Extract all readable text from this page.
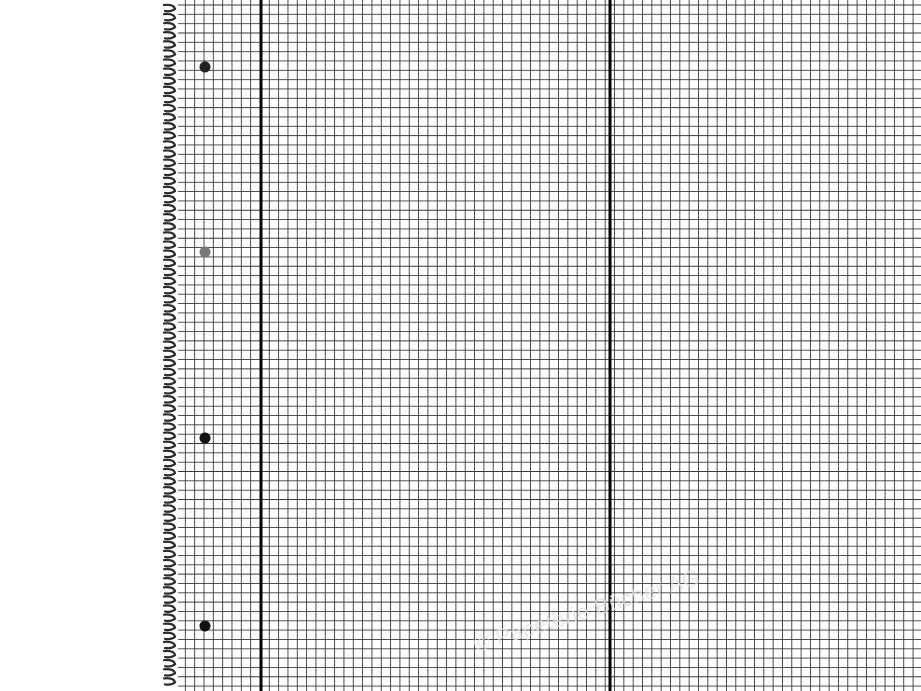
© Papeterie Bücher AG
